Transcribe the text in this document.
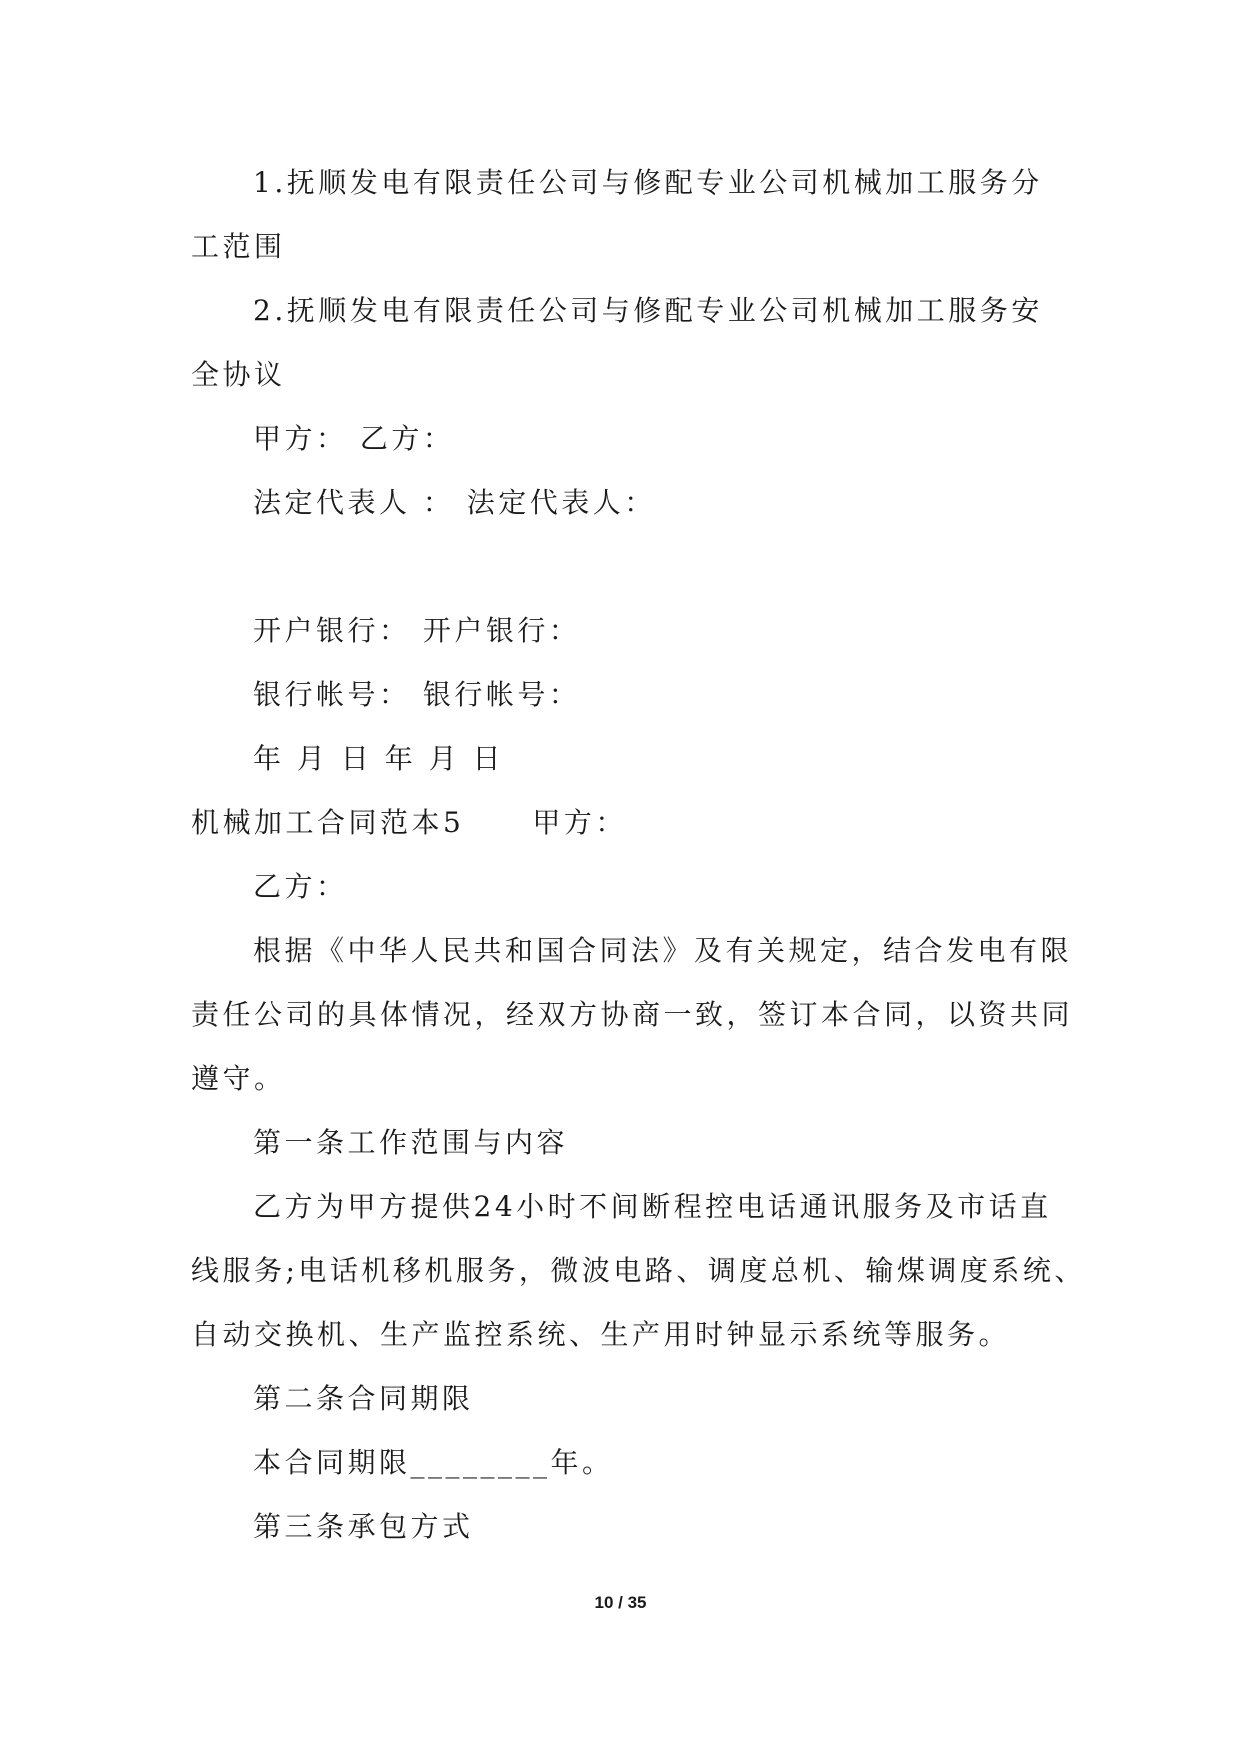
1.抚顺发电有限责任公司与修配专业公司机械加工服务分
工范围
2.抚顺发电有限责任公司与修配专业公司机械加工服务安
全协议
甲方： 乙方：
法定代表人 ： 法定代表人：
开户银行： 开户银行：
银行帐号： 银行帐号：
年 月 日 年 月 日
机械加工合同范本5 甲方：
乙方：
根据《中华人民共和国合同法》及有关规定，结合发电有限
责任公司的具体情况，经双方协商一致，签订本合同，以资共同
遵守。
第一条工作范围与内容
乙方为甲方提供24小时不间断程控电话通讯服务及市话直
线服务;电话机移机服务，微波电路、调度总机、输煤调度系统、
自动交换机、生产监控系统、生产用时钟显示系统等服务。
第二条合同期限
本合同期限________年。
第三条承包方式
10 / 35
